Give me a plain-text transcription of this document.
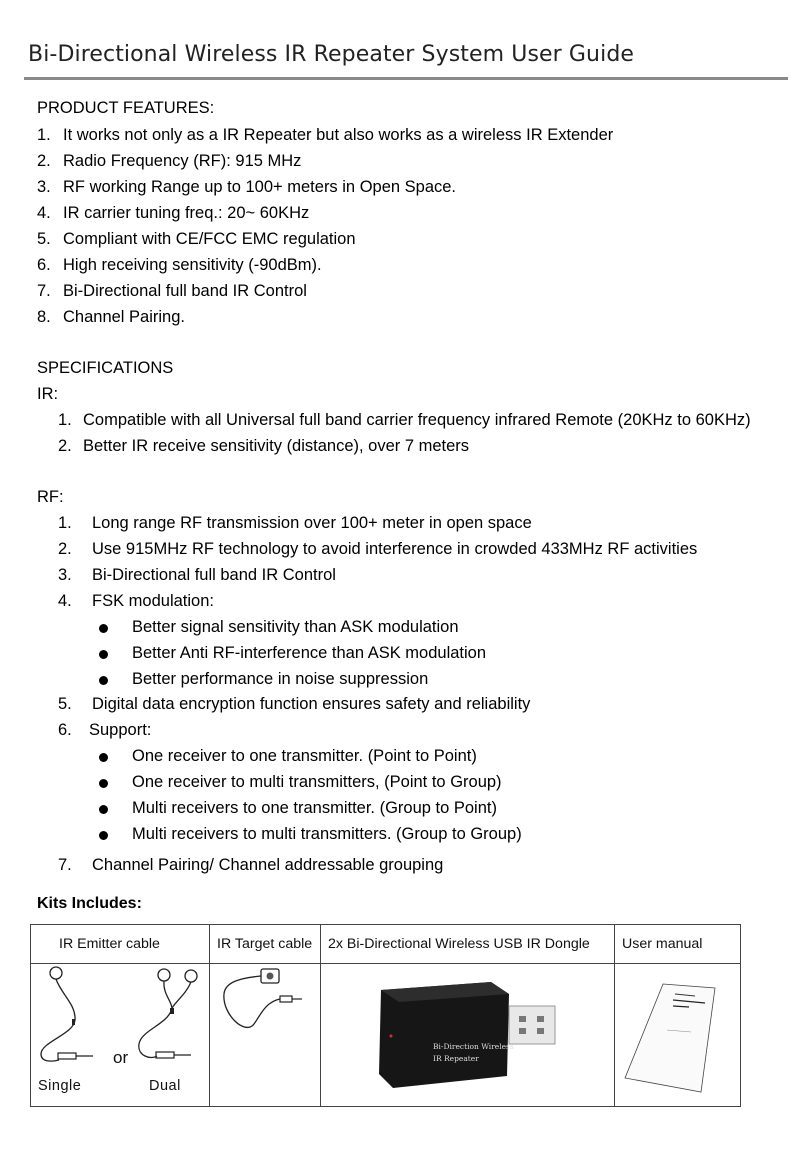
Bi-Directional Wireless IR Repeater System User Guide
PRODUCT FEATURES:
1. It works not only as a IR Repeater but also works as a wireless IR Extender
2. Radio Frequency (RF): 915 MHz
3. RF working Range up to 100+ meters in Open Space.
4. IR carrier tuning freq.: 20~ 60KHz
5. Compliant with CE/FCC EMC regulation
6. High receiving sensitivity (-90dBm).
7. Bi-Directional full band IR Control
8. Channel Pairing.
SPECIFICATIONS
IR:
1. Compatible with all Universal full band carrier frequency infrared Remote (20KHz to 60KHz)
2. Better IR receive sensitivity (distance), over 7 meters
RF:
1. Long range RF transmission over 100+ meter in open space
2. Use 915MHz RF technology to avoid interference in crowded 433MHz RF activities
3. Bi-Directional full band IR Control
4. FSK modulation:
Better signal sensitivity than ASK modulation
Better Anti RF-interference than ASK modulation
Better performance in noise suppression
5. Digital data encryption function ensures safety and reliability
6. Support:
One receiver to one transmitter. (Point to Point)
One receiver to multi transmitters, (Point to Group)
Multi receivers to one transmitter. (Group to Point)
Multi receivers to multi transmitters. (Group to Group)
7. Channel Pairing/ Channel addressable grouping
Kits Includes:
IR Emitter cable	IR Target cable	2x Bi-Directional Wireless USB IR Dongle	User manual

or
Single Dual		Bi-Direction Wireless
IR Repeater
